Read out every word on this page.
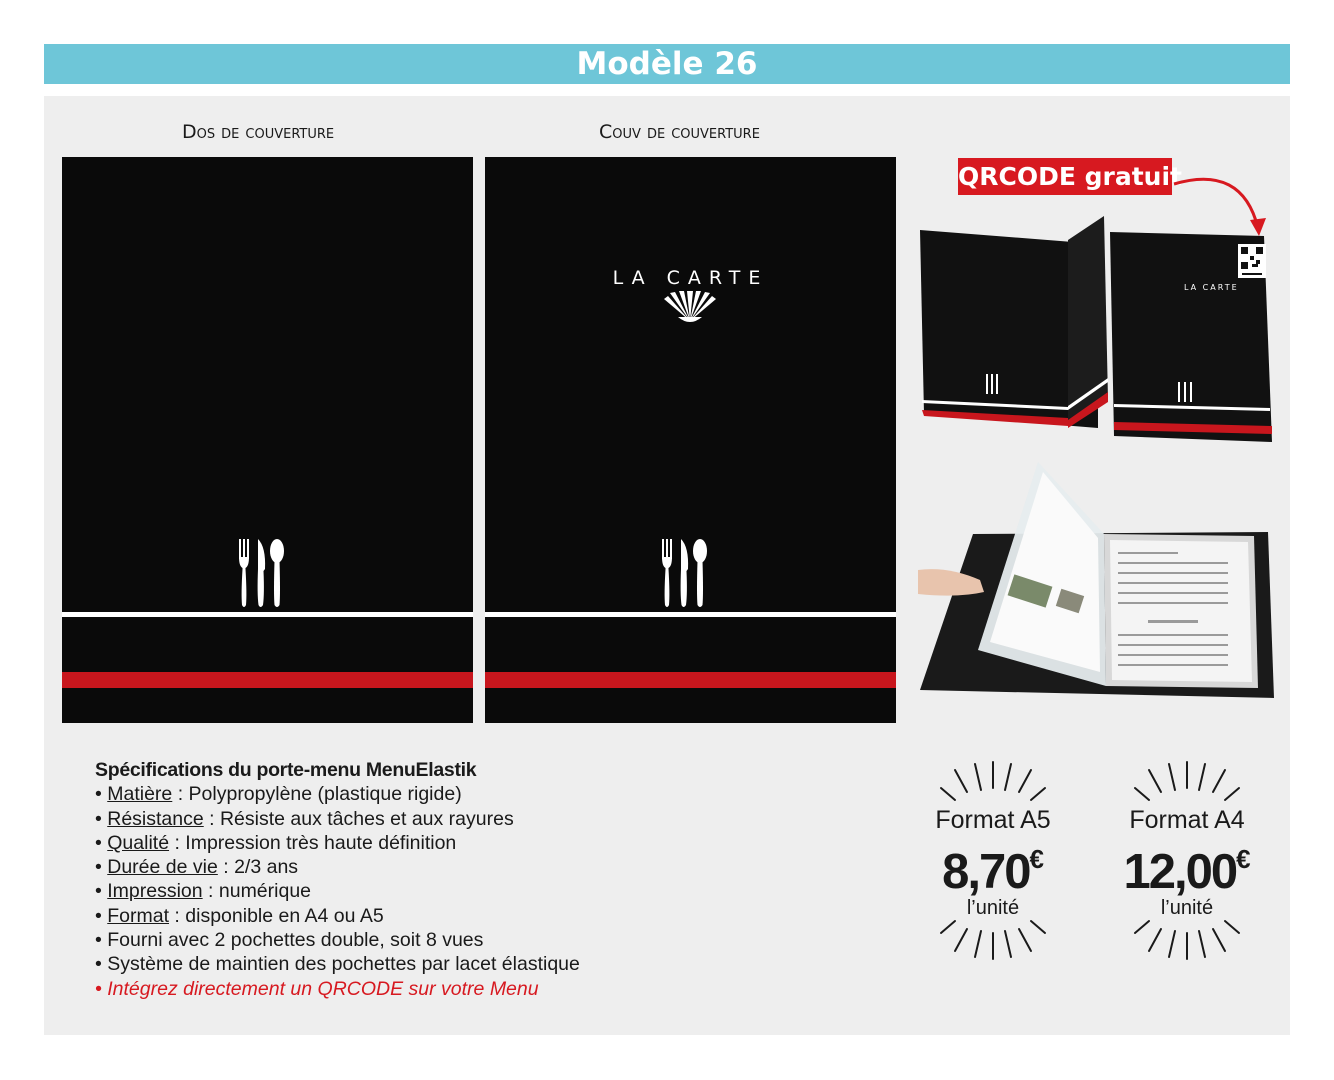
Modèle 26
Dos de couverture	Couv de couverture
LA CARTE
QRCODE gratuit
LA CARTE
Spécifications du porte-menu MenuElastik
• Matière : Polypropylène (plastique rigide)
• Résistance : Résiste aux tâches et aux rayures
• Qualité : Impression très haute définition
• Durée de vie : 2/3 ans
• Impression : numérique
• Format : disponible en A4 ou A5
• Fourni avec 2 pochettes double, soit 8 vues
• Système de maintien des pochettes par lacet élastique
• Intégrez directement un QRCODE sur votre Menu
Format A5
8,70€
l’unité
Format A4
12,00€
l’unité
